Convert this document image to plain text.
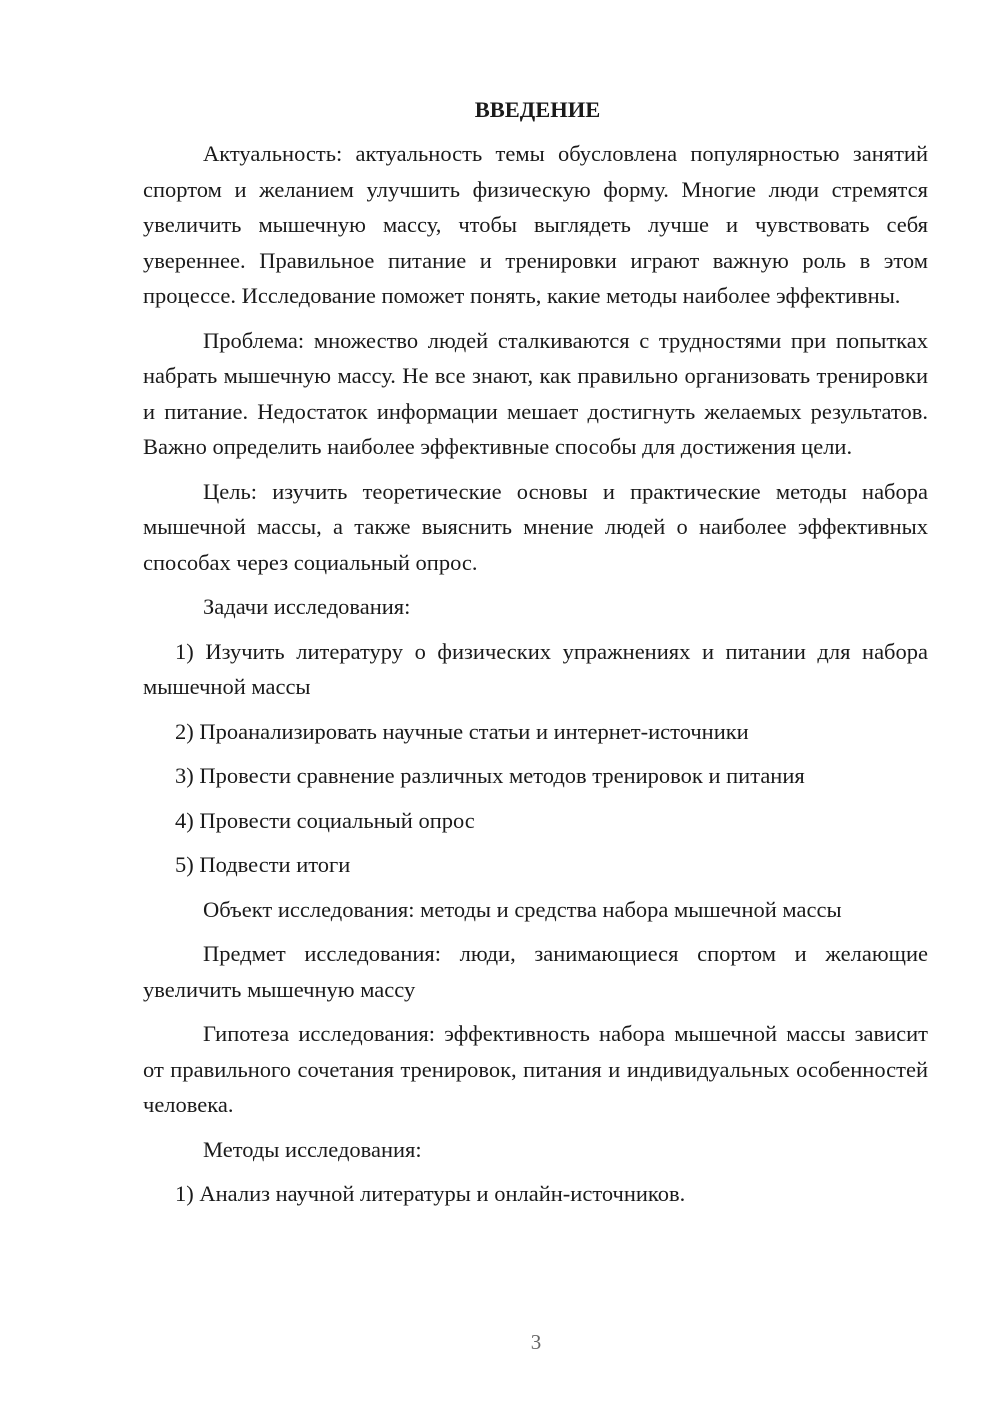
ВВЕДЕНИЕ

Актуальность: актуальность темы обусловлена популярностью занятий спортом и желанием улучшить физическую форму. Многие люди стремятся увеличить мышечную массу, чтобы выглядеть лучше и чувствовать себя увереннее. Правильное питание и тренировки играют важную роль в этом процессе. Исследование поможет понять, какие методы наиболее эффективны.

Проблема: множество людей сталкиваются с трудностями при попытках набрать мышечную массу. Не все знают, как правильно организовать тренировки и питание. Недостаток информации мешает достигнуть желаемых результатов. Важно определить наиболее эффективные способы для достижения цели.

Цель: изучить теоретические основы и практические методы набора мышечной массы, а также выяснить мнение людей о наиболее эффективных способах через социальный опрос.

Задачи исследования:

1) Изучить литературу о физических упражнениях и питании для набора мышечной массы

2) Проанализировать научные статьи и интернет-источники

3) Провести сравнение различных методов тренировок и питания

4) Провести социальный опрос

5) Подвести итоги

Объект исследования: методы и средства набора мышечной массы

Предмет исследования: люди, занимающиеся спортом и желающие увеличить мышечную массу

Гипотеза исследования: эффективность набора мышечной массы зависит от правильного сочетания тренировок, питания и индивидуальных особенностей человека.

Методы исследования:

1) Анализ научной литературы и онлайн-источников.

3
